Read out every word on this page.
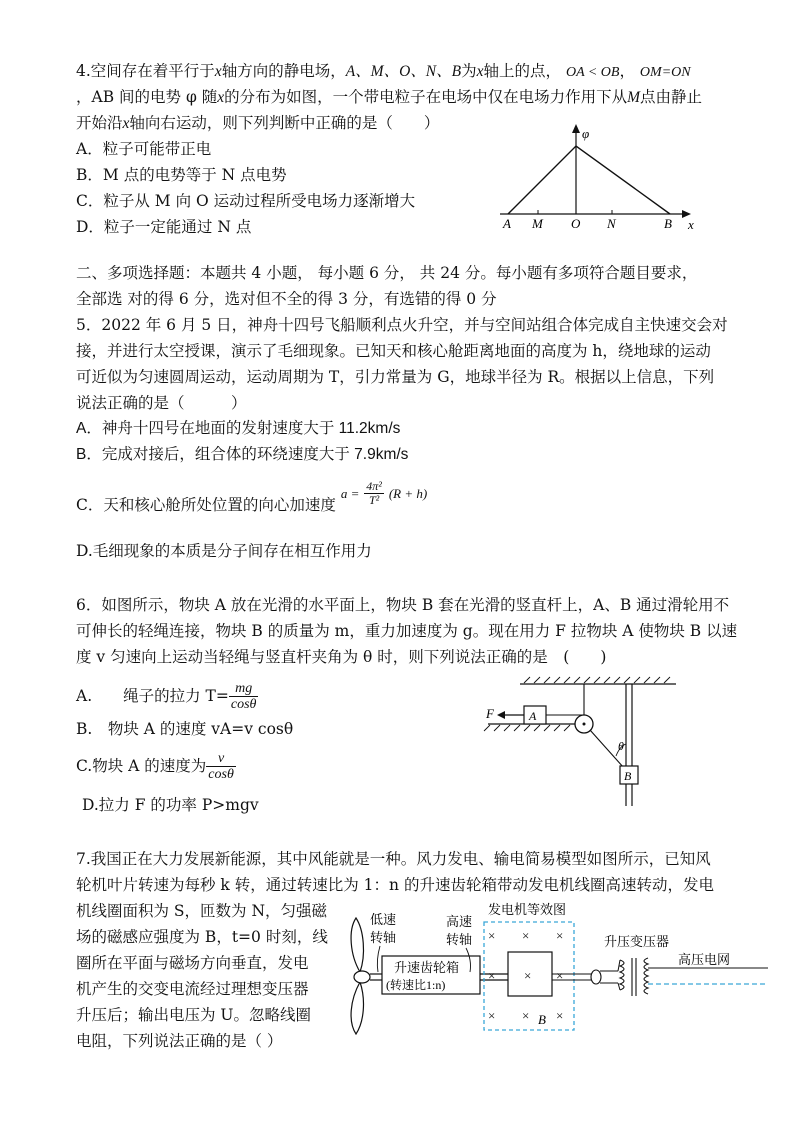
4.空间存在着平行于x轴方向的静电场，A、M、O、N、B为x轴上的点， OA < OB， OM=ON
，AB 间的电势 φ 随x的分布为如图，一个带电粒子在电场中仅在电场力作用下从M点由静止
开始沿x轴向右运动，则下列判断中正确的是（　　）
A．粒子可能带正电
B．M 点的电势等于 N 点电势
C．粒子从 M 向 O 运动过程所受电场力逐渐增大
D．粒子一定能通过 N 点
φ
x
A M O N	B
二、多项选择题：本题共 4 小题， 每小题 6 分， 共 24 分。每小题有多项符合题目要求，
全部选 对的得 6 分，选对但不全的得 3 分，有选错的得 0 分
5．2022 年 6 月 5 日，神舟十四号飞船顺利点火升空，并与空间站组合体完成自主快速交会对
接，并进行太空授课，演示了毛细现象。已知天和核心舱距离地面的高度为 h，绕地球的运动
可近似为匀速圆周运动，运动周期为 T，引力常量为 G，地球半径为 R。根据以上信息，下列
说法正确的是（　　　）
A．神舟十四号在地面的发射速度大于 11.2km/s
B．完成对接后，组合体的环绕速度大于 7.9km/s
C．天和核心舱所处位置的向心加速度 $a = \frac{\text{4π²}}{\text{T²}} (R + h)$
D.毛细现象的本质是分子间存在相互作用力
6．如图所示，物块 A 放在光滑的水平面上，物块 B 套在光滑的竖直杆上，A、B 通过滑轮用不
可伸长的轻绳连接，物块 B 的质量为 m，重力加速度为 g。现在用力 F 拉物块 A 使物块 B 以速
度 v 匀速向上运动当轻绳与竖直杆夹角为 θ 时，则下列说法正确的是　(　　)
A.　　绳子的拉力 $T= \frac{mg}{\cos\theta}$
B.　物块 A 的速度 vA=v cosθ
C.物块 A 的速度为 $\frac{v}{\cos\theta}$
D.拉力 F 的功率 P>mgv
A
F
θ
B
7.我国正在大力发展新能源，其中风能就是一种。风力发电、输电简易模型如图所示，已知风
轮机叶片转速为每秒 k 转，通过转速比为 1：n 的升速齿轮箱带动发电机线圈高速转动，发电
机线圈面积为 S，匝数为 N，匀强磁
场的磁感应强度为 B，t=0 时刻，线
圈所在平面与磁场方向垂直，发电
机产生的交变电流经过理想变压器
升压后；输出电压为 U。忽略线圈
电阻，下列说法正确的是（ ）
低速
转轴
升速齿轮箱
(转速比1:n)
高速
转轴
发电机等效图
× × ×
× × ×
× × ×
B
升压变压器
高压电网
